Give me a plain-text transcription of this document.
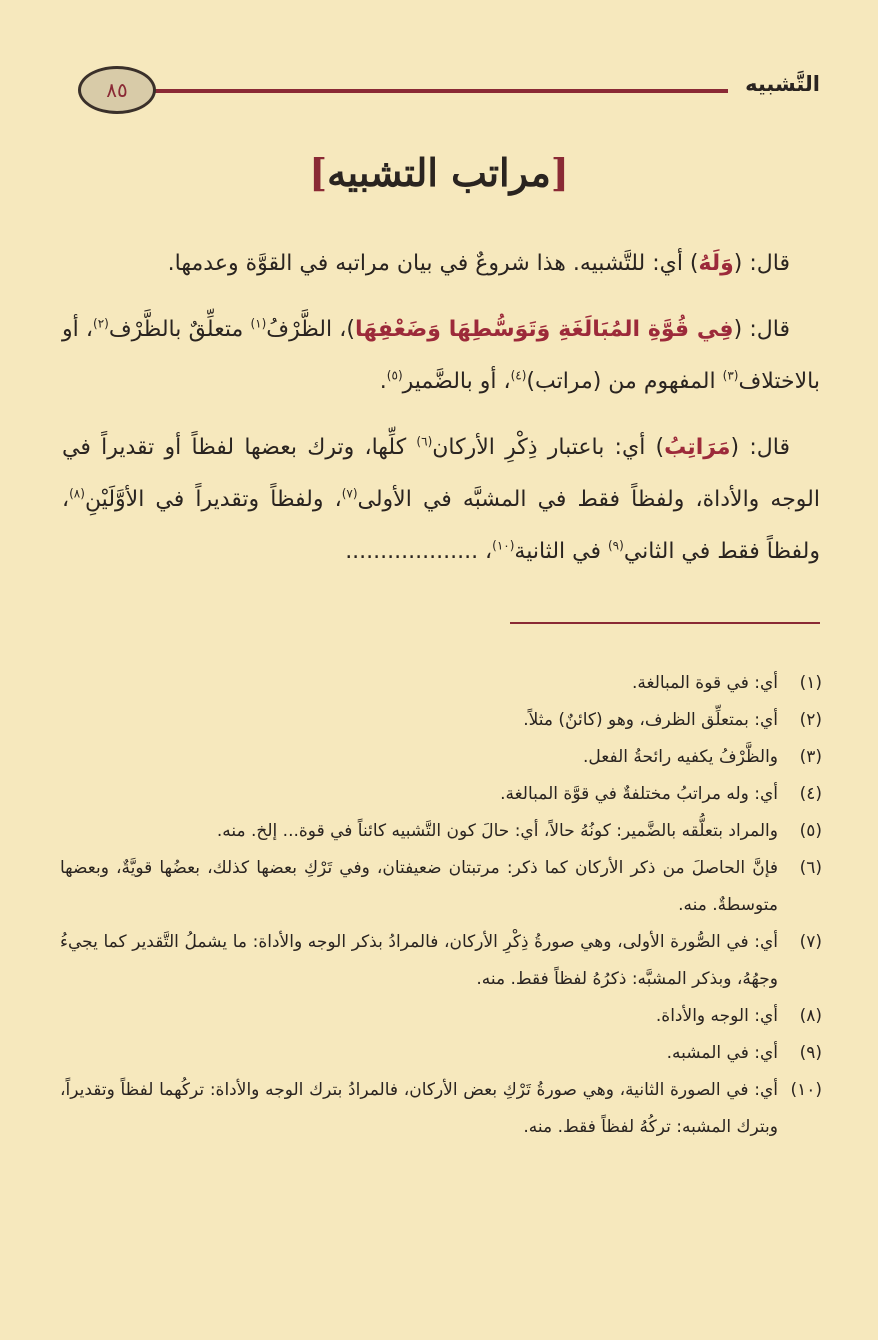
التَّشبيه
٨٥
[مراتب التشبيه]

قال: (وَلَهُ) أي: للتَّشبيه. هذا شروعٌ في بيان مراتبه في القوَّة وعدمها.

قال: (فِي قُوَّةِ المُبَالَغَةِ وَتَوَسُّطِهَا وَضَعْفِهَا)، الظَّرْفُ$^{(١)}$ متعلِّقٌ بالظَّرْف$^{(٢)}$، أو بالاختلاف$^{(٣)}$ المفهوم من (مراتب)$^{(٤)}$، أو بالضَّمير$^{(٥)}$.

قال: (مَرَاتِبُ) أي: باعتبار ذِكْرِ الأركان$^{(٦)}$ كلِّها، وترك بعضها لفظاً أو تقديراً في الوجه والأداة، ولفظاً فقط في المشبَّه في الأولى$^{(٧)}$، ولفظاً وتقديراً في الأوَّلَيْنِ$^{(٨)}$، ولفظاً فقط في الثاني$^{(٩)}$ في الثانية$^{(١٠)}$، ...................

(١)
أي: في قوة المبالغة.
(٢)
أي: بمتعلِّق الظرف، وهو (كائنٌ) مثلاً.
(٣)
والظَّرْفُ يكفيه رائحةُ الفعل.
(٤)
أي: وله مراتبُ مختلفةٌ في قوَّة المبالغة.
(٥)
والمراد بتعلُّقه بالضَّمير: كونُهُ حالاً، أي: حالَ كون التَّشبيه كائناً في قوة... إلخ. منه.
(٦)
فإنَّ الحاصلَ من ذكر الأركان كما ذكر: مرتبتان ضعيفتان، وفي تَرْكِ بعضها كذلك، بعضُها قويَّةٌ، وبعضها متوسطةٌ. منه.
(٧)
أي: في الصُّورة الأولى، وهي صورةُ ذِكْرِ الأركان، فالمرادُ بذكر الوجه والأداة: ما يشملُ التَّقدير كما يجيءُ وجهُهُ، وبذكر المشبَّه: ذكرُهُ لفظاً فقط. منه.
(٨)
أي: الوجه والأداة.
(٩)
أي: في المشبه.
(١٠)
أي: في الصورة الثانية، وهي صورةُ تَرْكِ بعض الأركان، فالمرادُ بترك الوجه والأداة: تركُهما لفظاً وتقديراً، وبترك المشبه: تركُهُ لفظاً فقط. منه.
